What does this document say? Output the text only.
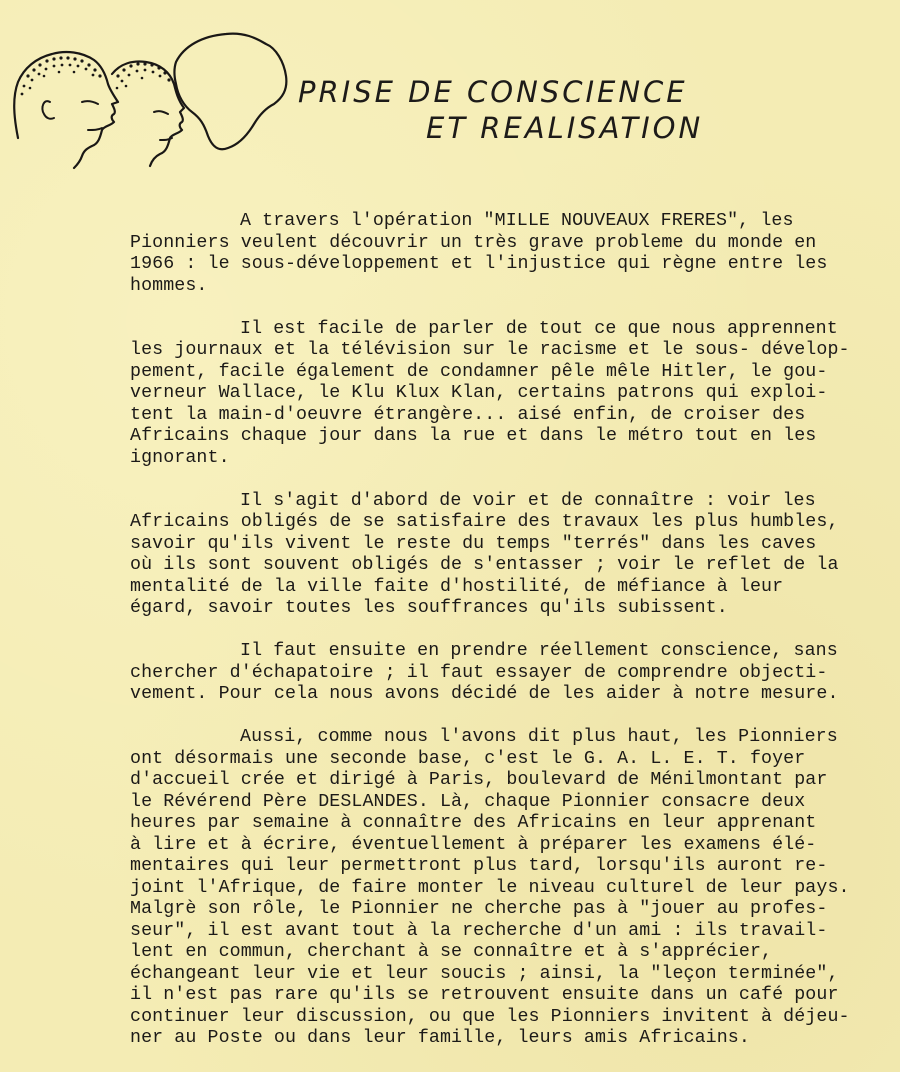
PRISE DE CONSCIENCE
ET REALISATION

A travers l'opération "MILLE NOUVEAUX FRERES", les
Pionniers veulent découvrir un très grave probleme du monde en
1966 : le sous-développement et l'injustice qui règne entre les
hommes.

Il est facile de parler de tout ce que nous apprennent
les journaux et la télévision sur le racisme et le sous- dévelop-
pement, facile également de condamner pêle mêle Hitler, le gou-
verneur Wallace, le Klu Klux Klan, certains patrons qui exploi-
tent la main-d'oeuvre étrangère... aisé enfin, de croiser des
Africains chaque jour dans la rue et dans le métro tout en les
ignorant.

Il s'agit d'abord de voir et de connaître : voir les
Africains obligés de se satisfaire des travaux les plus humbles,
savoir qu'ils vivent le reste du temps "terrés" dans les caves
où ils sont souvent obligés de s'entasser ; voir le reflet de la
mentalité de la ville faite d'hostilité, de méfiance à leur
égard, savoir toutes les souffrances qu'ils subissent.

Il faut ensuite en prendre réellement conscience, sans
chercher d'échapatoire ; il faut essayer de comprendre objecti-
vement. Pour cela nous avons décidé de les aider à notre mesure.

Aussi, comme nous l'avons dit plus haut, les Pionniers
ont désormais une seconde base, c'est le G. A. L. E. T. foyer
d'accueil crée et dirigé à Paris, boulevard de Ménilmontant par
le Révérend Père DESLANDES. Là, chaque Pionnier consacre deux
heures par semaine à connaître des Africains en leur apprenant
à lire et à écrire, éventuellement à préparer les examens élé-
mentaires qui leur permettront plus tard, lorsqu'ils auront re-
joint l'Afrique, de faire monter le niveau culturel de leur pays.
Malgrè son rôle, le Pionnier ne cherche pas à "jouer au profes-
seur", il est avant tout à la recherche d'un ami : ils travail-
lent en commun, cherchant à se connaître et à s'apprécier,
échangeant leur vie et leur soucis ; ainsi, la "leçon terminée",
il n'est pas rare qu'ils se retrouvent ensuite dans un café pour
continuer leur discussion, ou que les Pionniers invitent à déjeu-
ner au Poste ou dans leur famille, leurs amis Africains.
